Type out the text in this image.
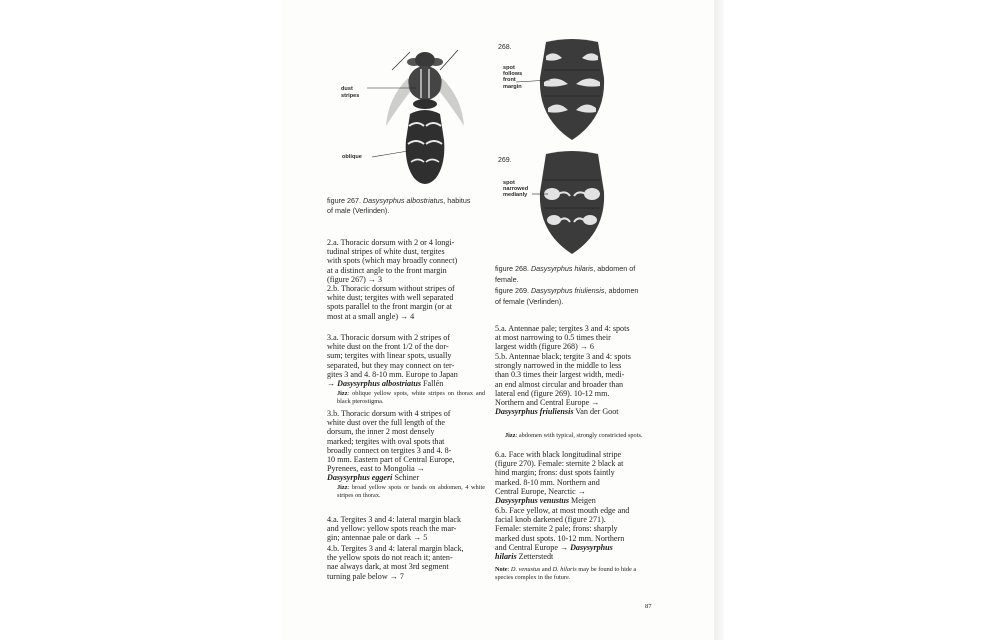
dust
stripes
oblique
figure 267. Dasysyrphus albostriatus, habitus
of male (Verlinden).
268.
spot
follows
front
margin
269.
spot
narrowed
medianly
figure 268. Dasysyrphus hilaris, abdomen of
female.
figure 269. Dasysyrphus friuliensis, abdomen
of female (Verlinden).
2.a. Thoracic dorsum with 2 or 4 longi-
tudinal stripes of white dust, tergites
with spots (which may broadly connect)
at a distinct angle to the front margin
(figure 267) → 3
2.b. Thoracic dorsum without stripes of
white dust; tergites with well separated
spots parallel to the front margin (or at
most at a small angle) → 4
3.a. Thoracic dorsum with 2 stripes of
white dust on the front 1/2 of the dor-
sum; tergites with linear spots, usually
separated, but they may connect on ter-
gites 3 and 4. 8-10 mm. Europe to Japan
→ Dasysyrphus albostriatus Fallén
Jizz: oblique yellow spots, white stripes on thorax and black pterostigma.
3.b. Thoracic dorsum with 4 stripes of
white dust over the full length of the
dorsum, the inner 2 most densely
marked; tergites with oval spots that
broadly connect on tergites 3 and 4. 8-
10 mm. Eastern part of Central Europe,
Pyrenees, east to Mongolia →
Dasysyrphus eggeri Schiner
Jizz: broad yellow spots or bands on abdomen, 4 white stripes on thorax.
4.a. Tergites 3 and 4: lateral margin black
and yellow: yellow spots reach the mar-
gin; antennae pale or dark → 5
4.b. Tergites 3 and 4: lateral margin black,
the yellow spots do not reach it; anten-
nae always dark, at most 3rd segment
turning pale below → 7
5.a. Antennae pale; tergites 3 and 4: spots
at most narrowing to 0.5 times their
largest width (figure 268) → 6
5.b. Antennae black; tergite 3 and 4: spots
strongly narrowed in the middle to less
than 0.3 times their largest width, medi-
an end almost circular and broader than
lateral end (figure 269). 10-12 mm.
Northern and Central Europe →
Dasysyrphus friuliensis Van der Goot
Jizz: abdomen with typical, strongly constricted spots.
6.a. Face with black longitudinal stripe
(figure 270). Female: sternite 2 black at
hind margin; frons: dust spots faintly
marked. 8-10 mm. Northern and
Central Europe, Nearctic →
Dasysyrphus venustus Meigen
6.b. Face yellow, at most mouth edge and
facial knob darkened (figure 271).
Female: sternite 2 pale; frons: sharply
marked dust spots. 10-12 mm. Northern
and Central Europe → Dasysyrphus
hilaris Zetterstedt
Note: D. venustus and D. hilaris may be found to hide a species complex in the future.
87
